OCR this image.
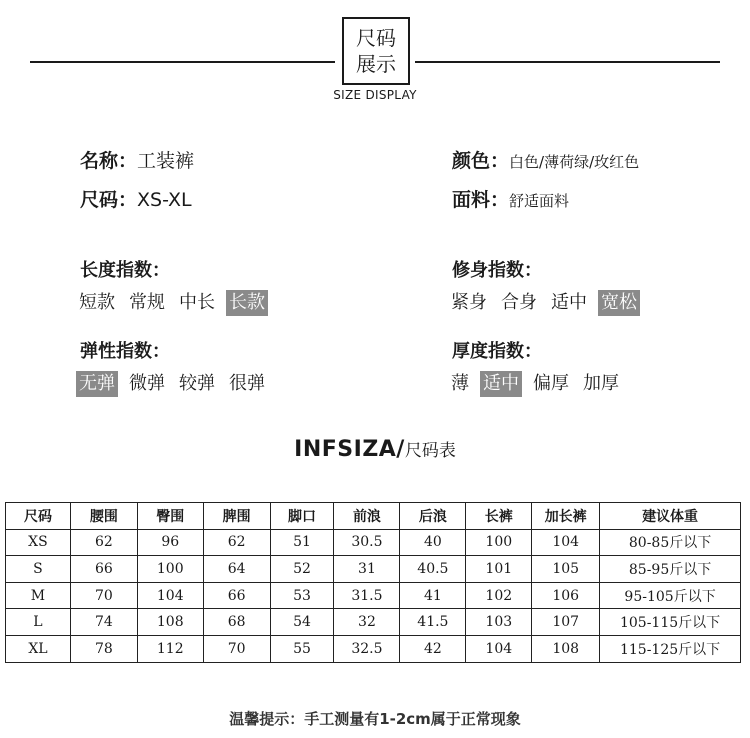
尺码
展示
SIZE DISPLAY
名称：工装裤
尺码：XS-XL
颜色：白色/薄荷绿/玫红色
面料：舒适面料
长度指数：
短款 常规 中长 长款
修身指数：
紧身 合身 适中 宽松
弹性指数：
无弹 微弹 较弹 很弹
厚度指数：
薄 适中 偏厚 加厚
INFSIZA/尺码表
尺码	腰围	臀围	脾围	脚口	前浪	后浪	长裤	加长裤	建议体重
XS	62	96	62	51	30.5	40	100	104	80-85斤以下
S	66	100	64	52	31	40.5	101	105	85-95斤以下
M	70	104	66	53	31.5	41	102	106	95-105斤以下
L	74	108	68	54	32	41.5	103	107	105-115斤以下
XL	78	112	70	55	32.5	42	104	108	115-125斤以下
温馨提示：手工测量有1-2cm属于正常现象
